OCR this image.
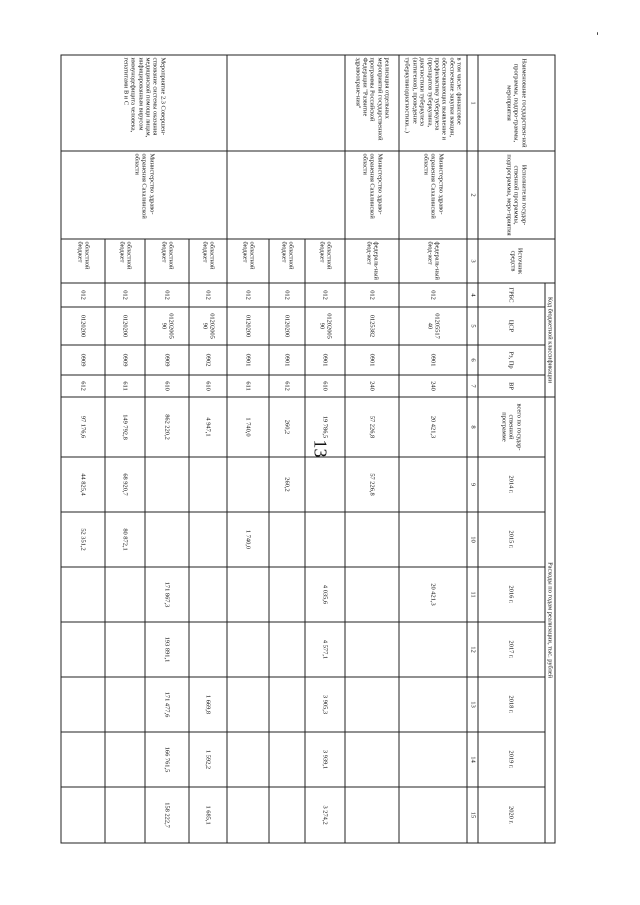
13
-
Наименование государствен-ной программы, подпро-граммы, мероприятия	Исполнители государ-ственной программы, подпрограммы, меро-приятия	Источник средств	Код бюджетной классификации				Расходы по годам реализации, тыс. рублей							
			ГРБС	ЦСР	Рз, Пр	ВР	всего по государ-ственной программе	2014 г.	2015 г.	2016 г.	2017 г.	2018 г.	2019 г.	2020 г.
1	2	3	4	5	6	7	8	9	10	11	12	13	14	15
в том числе: финансовое обеспечение закупки вакцин, обеспечивающих выявление и профилактику туберкулеза (препаратов туберкулина, диагностики туберкулеза (антигенов), проведение туберкулинодиагностики...)	Министерство здраво-охранения Сахалинской области	федераль-ный бюд-жет	012	01205517 40	0901	240	20 421,3			20 421,3				
реализация отдельных мероприятий государственной программы Российской Федерации "Развитие здравоохране-ния"	Министерство здраво-охранения Сахалинской области	федераль-ный бюд-жет	012	0125382	0901	240	57 226,8	57 226,8						
		областной бюджет	012	01202005 90	0901	610	19 786,5			4 035,6	4 577,1	3 905,3	3 939,1	3 274,2
		областной бюджет	012	0120200	0901	612	260,2	260,2						
		областной бюджет	012	0120200	0901	611	1 740,0		1 740,0					
Мероприятие 2.3 Совершен-ствование системы оказания медицинской помощи лицам, инфицированным вирусом иммунодефицита человека, гепатитами В и С	Министерство здраво-охранения Сахалинской области	областной бюджет	012	01202005 90	0902	610	4 947,1					1 669,8	1 592,2	1 685,1
		областной бюджет	012	01202005 90	0909	610	862 220,2			171 867,3	193 891,1	171 477,6	166 761,5	158 222,7
		областной бюджет	012	0120200	0909	611	149 792,8	68 920,7	80 872,1					
		областной бюджет	012	0120200	0909	612	97 176,6	44 825,4	52 351,2					
